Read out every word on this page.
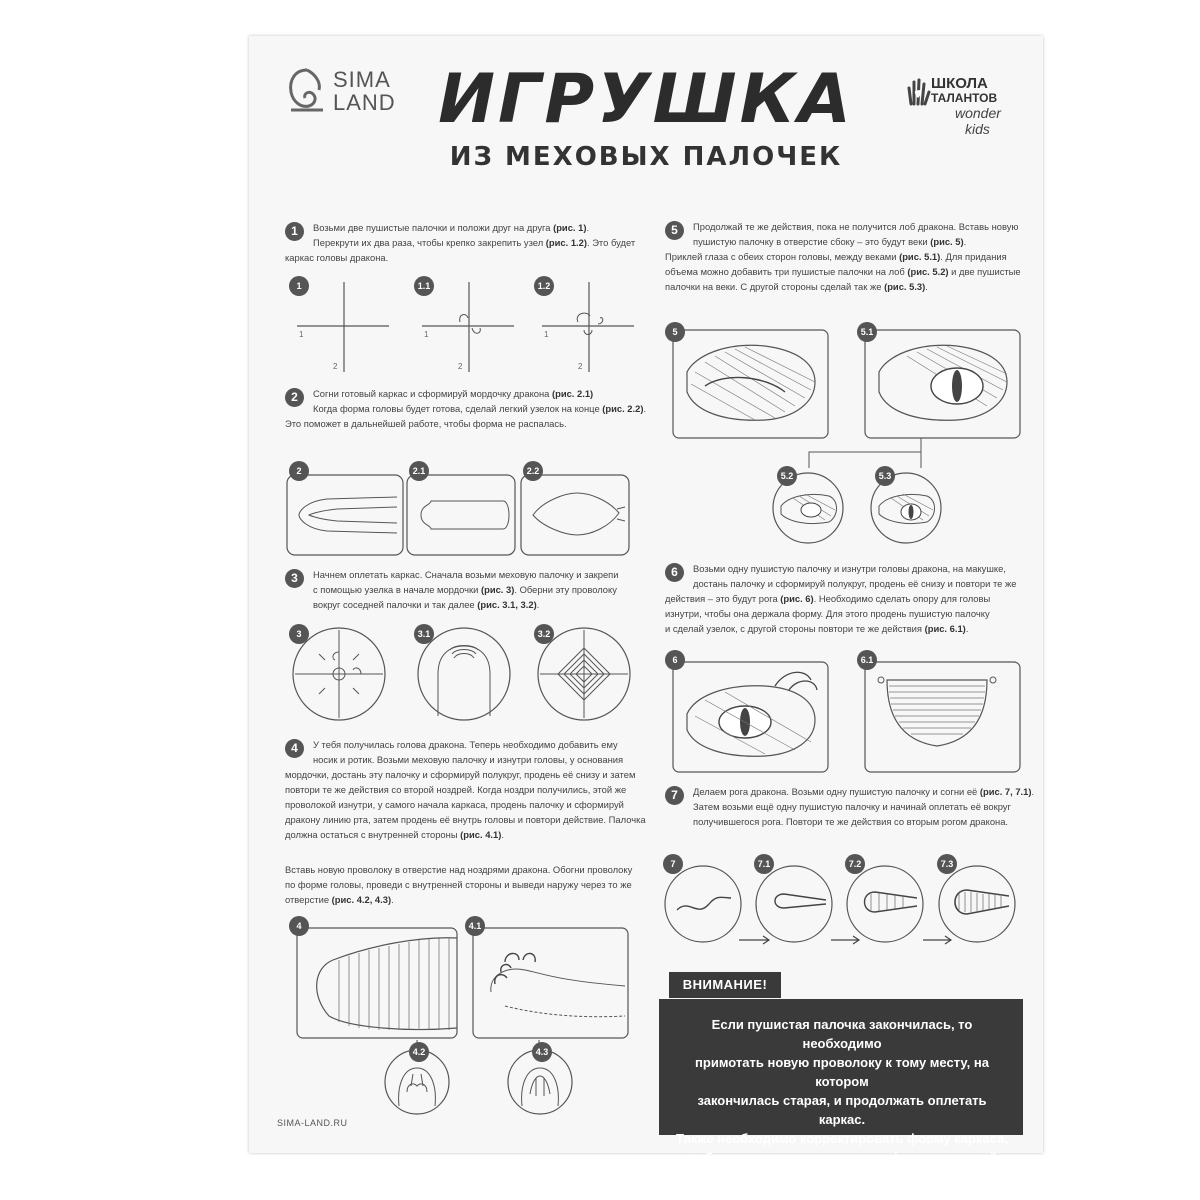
SIMA
LAND ИГРУШКА
ИЗ МЕХОВЫХ ПАЛОЧЕК
ШКОЛА
ТАЛАНТОВ
wonder
kids
1	Возьми две пушистые палочки и положи друг на друга (рис. 1).
Перекрути их два раза, чтобы крепко закрепить узел (рис. 1.2). Это будет
каркас головы дракона.
1
1
2
1.1
1
2
1.2
1
2
2	Согни готовый каркас и сформируй мордочку дракона (рис. 2.1)
Когда форма головы будет готова, сделай легкий узелок на конце (рис. 2.2).
Это поможет в дальнейшей работе, чтобы форма не распалась.
2	2.1	2.2
3	Начнем оплетать каркас. Сначала возьми меховую палочку и закрепи
с помощью узелка в начале мордочки (рис. 3). Оберни эту проволоку
вокруг соседней палочки и так далее (рис. 3.1, 3.2).
3	3.1	3.2
4	У тебя получилась голова дракона. Теперь необходимо добавить ему
носик и ротик. Возьми меховую палочку и изнутри головы, у основания
мордочки, достань эту палочку и сформируй полукруг, продень её снизу и затем
повтори те же действия со второй ноздрей. Когда ноздри получились, этой же
проволокой изнутри, у самого начала каркаса, продень палочку и сформируй
дракону линию рта, затем продень её внутрь головы и повтори действие. Палочка
должна остаться с внутренней стороны (рис. 4.1).
Вставь новую проволоку в отверстие над ноздрями дракона. Обогни проволоку
по форме головы, проведи с внутренней стороны и выведи наружу через то же
отверстие (рис. 4.2, 4.3).
4	4.1
4.2	4.3
5	Продолжай те же действия, пока не получится лоб дракона. Вставь новую
пушистую палочку в отверстие сбоку – это будут веки (рис. 5).
Приклей глаза с обеих сторон головы, между веками (рис. 5.1). Для придания
объема можно добавить три пушистые палочки на лоб (рис. 5.2) и две пушистые
палочки на веки. С другой стороны сделай так же (рис. 5.3).
5	5.1
5.2	5.3
6	Возьми одну пушистую палочку и изнутри головы дракона, на макушке,
достань палочку и сформируй полукруг, продень её снизу и повтори те же
действия – это будут рога (рис. 6). Необходимо сделать опору для головы
изнутри, чтобы она держала форму. Для этого продень пушистую палочку
и сделай узелок, с другой стороны повтори те же действия (рис. 6.1).
6	6.1
7	Делаем рога дракона. Возьми одну пушистую палочку и согни её (рис. 7, 7.1).
Затем возьми ещё одну пушистую палочку и начинай оплетать её вокруг
получившегося рога. Повтори те же действия со вторым рогом дракона.
7	7.1	7.2	7.3
ВНИМАНИЕ!
Если пушистая палочка закончилась, то необходимо
примотать новую проволоку к тому месту, на котором
закончилась старая, и продолжать оплетать каркас.
Также необходимо корректировать форму каркаса,
чтобы голова не получилась деформированной.
SIMA-LAND.RU
